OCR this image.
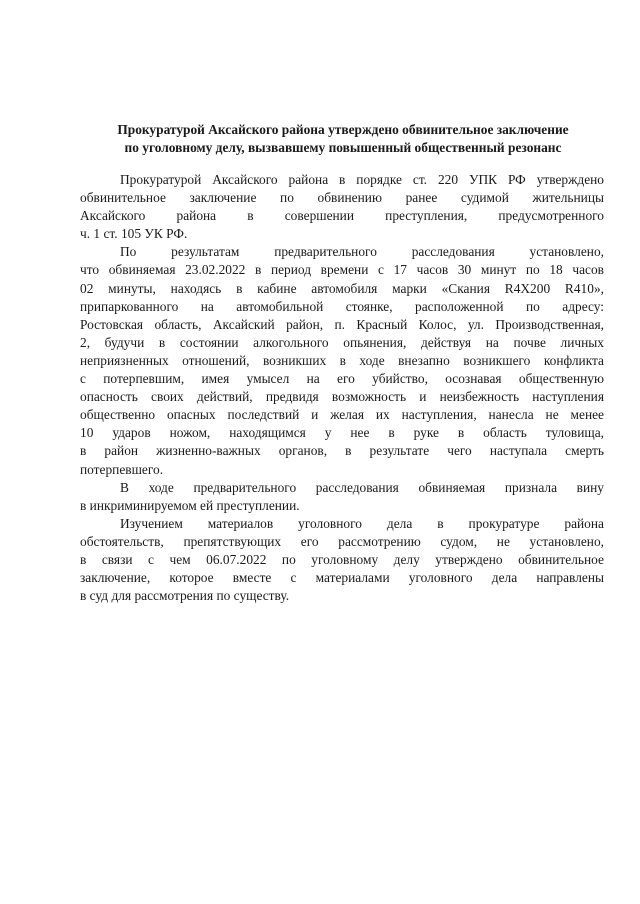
Прокуратурой Аксайского района утверждено обвинительное заключение
по уголовному делу, вызвавшему повышенный общественный резонанс

Прокуратурой Аксайского района в порядке ст. 220 УПК РФ утверждено
обвинительное заключение по обвинению ранее судимой жительницы
Аксайского района в совершении преступления, предусмотренного
ч. 1 ст. 105 УК РФ.

По результатам предварительного расследования установлено,
что обвиняемая 23.02.2022 в период времени с 17 часов 30 минут по 18 часов
02 минуты, находясь в кабине автомобиля марки «Скания R4X200 R410»,
припаркованного на автомобильной стоянке, расположенной по адресу:
Ростовская область, Аксайский район, п. Красный Колос, ул. Производственная,
2, будучи в состоянии алкогольного опьянения, действуя на почве личных
неприязненных отношений, возникших в ходе внезапно возникшего конфликта
с потерпевшим, имея умысел на его убийство, осознавая общественную
опасность своих действий, предвидя возможность и неизбежность наступления
общественно опасных последствий и желая их наступления, нанесла не менее
10 ударов ножом, находящимся у нее в руке в область туловища,
в район жизненно-важных органов, в результате чего наступала смерть
потерпевшего.

В ходе предварительного расследования обвиняемая признала вину
в инкриминируемом ей преступлении.

Изучением материалов уголовного дела в прокуратуре района
обстоятельств, препятствующих его рассмотрению судом, не установлено,
в связи с чем 06.07.2022 по уголовному делу утверждено обвинительное
заключение, которое вместе с материалами уголовного дела направлены
в суд для рассмотрения по существу.
